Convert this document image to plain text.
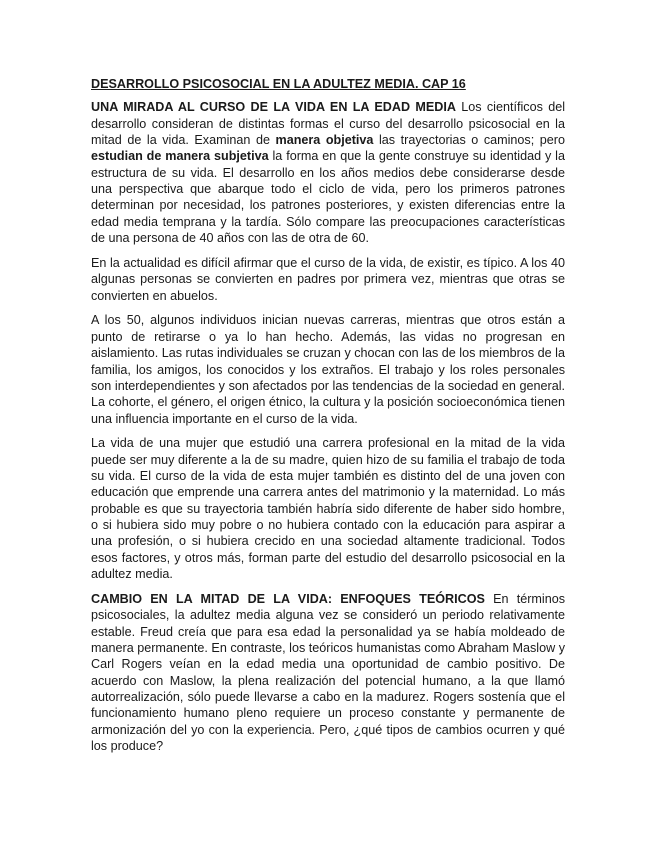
DESARROLLO PSICOSOCIAL EN LA ADULTEZ MEDIA. CAP 16

UNA MIRADA AL CURSO DE LA VIDA EN LA EDAD MEDIA Los científicos del desarrollo consideran de distintas formas el curso del desarrollo psicosocial en la mitad de la vida. Examinan de manera objetiva las trayectorias o caminos; pero estudian de manera subjetiva la forma en que la gente construye su identidad y la estructura de su vida. El desarrollo en los años medios debe considerarse desde una perspectiva que abarque todo el ciclo de vida, pero los primeros patrones determinan por necesidad, los patrones posteriores, y existen diferencias entre la edad media temprana y la tardía. Sólo compare las preocupaciones características de una persona de 40 años con las de otra de 60.

En la actualidad es difícil afirmar que el curso de la vida, de existir, es típico. A los 40 algunas personas se convierten en padres por primera vez, mientras que otras se convierten en abuelos.

A los 50, algunos individuos inician nuevas carreras, mientras que otros están a punto de retirarse o ya lo han hecho. Además, las vidas no progresan en aislamiento. Las rutas individuales se cruzan y chocan con las de los miembros de la familia, los amigos, los conocidos y los extraños. El trabajo y los roles personales son interdependientes y son afectados por las tendencias de la sociedad en general. La cohorte, el género, el origen étnico, la cultura y la posición socioeconómica tienen una influencia importante en el curso de la vida.

La vida de una mujer que estudió una carrera profesional en la mitad de la vida puede ser muy diferente a la de su madre, quien hizo de su familia el trabajo de toda su vida. El curso de la vida de esta mujer también es distinto del de una joven con educación que emprende una carrera antes del matrimonio y la maternidad. Lo más probable es que su trayectoria también habría sido diferente de haber sido hombre, o si hubiera sido muy pobre o no hubiera contado con la educación para aspirar a una profesión, o si hubiera crecido en una sociedad altamente tradicional. Todos esos factores, y otros más, forman parte del estudio del desarrollo psicosocial en la adultez media.

CAMBIO EN LA MITAD DE LA VIDA: ENFOQUES TEÓRICOS En términos psicosociales, la adultez media alguna vez se consideró un periodo relativamente estable. Freud creía que para esa edad la personalidad ya se había moldeado de manera permanente. En contraste, los teóricos humanistas como Abraham Maslow y Carl Rogers veían en la edad media una oportunidad de cambio positivo. De acuerdo con Maslow, la plena realización del potencial humano, a la que llamó autorrealización, sólo puede llevarse a cabo en la madurez. Rogers sostenía que el funcionamiento humano pleno requiere un proceso constante y permanente de armonización del yo con la experiencia. Pero, ¿qué tipos de cambios ocurren y qué los produce?
